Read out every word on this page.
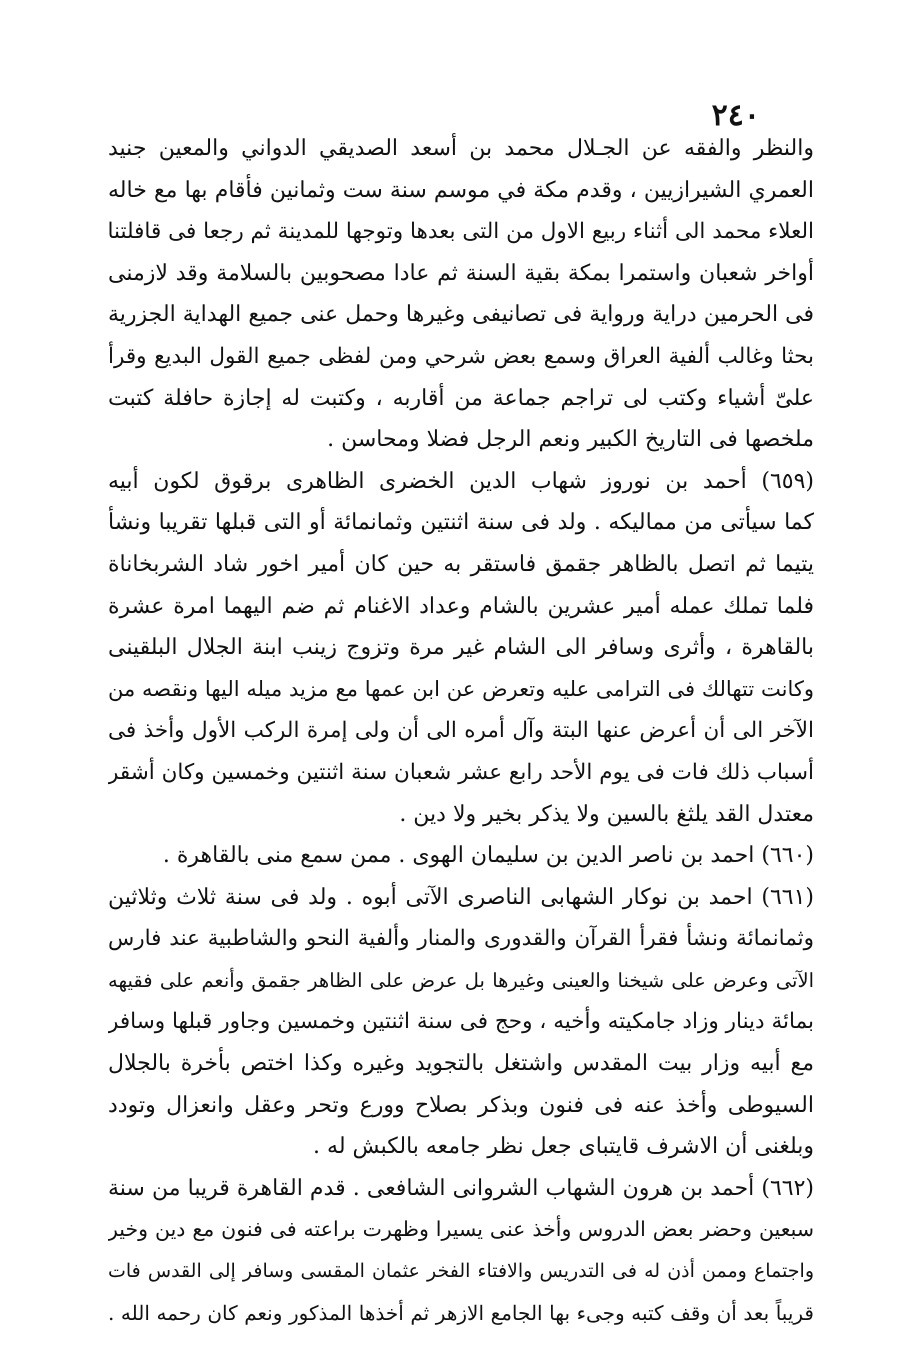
٢٤٠
والنظر والفقه عن الجـلال محمد بن أسعد الصديقي الدواني والمعين جنيد
العمري الشيرازيين ، وقدم مكة في موسم سنة ست وثمانين فأقام بها مع خاله
العلاء محمد الى أثناء ربيع الاول من التى بعدها وتوجها للمدينة ثم رجعا فى قافلتنا
أواخر شعبان واستمرا بمكة بقية السنة ثم عادا مصحوبين بالسلامة وقد لازمنى
فى الحرمين دراية ورواية فى تصانيفى وغيرها وحمل عنى جميع الهداية الجزرية
بحثا وغالب ألفية العراق وسمع بعض شرحي ومن لفظى جميع القول البديع وقرأ
علىّ أشياء وكتب لى تراجم جماعة من أقاربه ، وكتبت له إجازة حافلة كتبت
ملخصها فى التاريخ الكبير ونعم الرجل فضلا ومحاسن .
(٦٥٩) أحمد بن نوروز شهاب الدين الخضرى الظاهرى برقوق لكون أبيه
كما سيأتى من مماليكه . ولد فى سنة اثنتين وثمانمائة أو التى قبلها تقريبا ونشأ
يتيما ثم اتصل بالظاهر جقمق فاستقر به حين كان أمير اخور شاد الشربخاناة
فلما تملك عمله أمير عشرين بالشام وعداد الاغنام ثم ضم اليهما امرة عشرة
بالقاهرة ، وأثرى وسافر الى الشام غير مرة وتزوج زينب ابنة الجلال البلقينى
وكانت تتهالك فى الترامى عليه وتعرض عن ابن عمها مع مزيد ميله اليها ونقصه من
الآخر الى أن أعرض عنها البتة وآل أمره الى أن ولى إمرة الركب الأول وأخذ فى
أسباب ذلك فات فى يوم الأحد رابع عشر شعبان سنة اثنتين وخمسين وكان أشقر
معتدل القد يلثغ بالسين ولا يذكر بخير ولا دين .
(٦٦٠) احمد بن ناصر الدين بن سليمان الهوى . ممن سمع منى بالقاهرة .
(٦٦١) احمد بن نوكار الشهابى الناصرى الآتى أبوه . ولد فى سنة ثلاث وثلاثين
وثمانمائة ونشأ فقرأ القرآن والقدورى والمنار وألفية النحو والشاطبية عند فارس
الآتى وعرض على شيخنا والعينى وغيرها بل عرض على الظاهر جقمق وأنعم على فقيهه
بمائة دينار وزاد جامكيته وأخيه ، وحج فى سنة اثنتين وخمسين وجاور قبلها وسافر
مع أبيه وزار بيت المقدس واشتغل بالتجويد وغيره وكذا اختص بأخرة بالجلال
السيوطى وأخذ عنه فى فنون وبذكر بصلاح وورع وتحر وعقل وانعزال وتودد
وبلغنى أن الاشرف قايتباى جعل نظر جامعه بالكبش له .
(٦٦٢) أحمد بن هرون الشهاب الشروانى الشافعى . قدم القاهرة قريبا من سنة
سبعين وحضر بعض الدروس وأخذ عنى يسيرا وظهرت براعته فى فنون مع دين وخير
واجتماع وممن أذن له فى التدريس والافتاء الفخر عثمان المقسى وسافر إلى القدس فات
قريباً بعد أن وقف كتبه وجىء بها الجامع الازهر ثم أخذها المذكور ونعم كان رحمه الله .
